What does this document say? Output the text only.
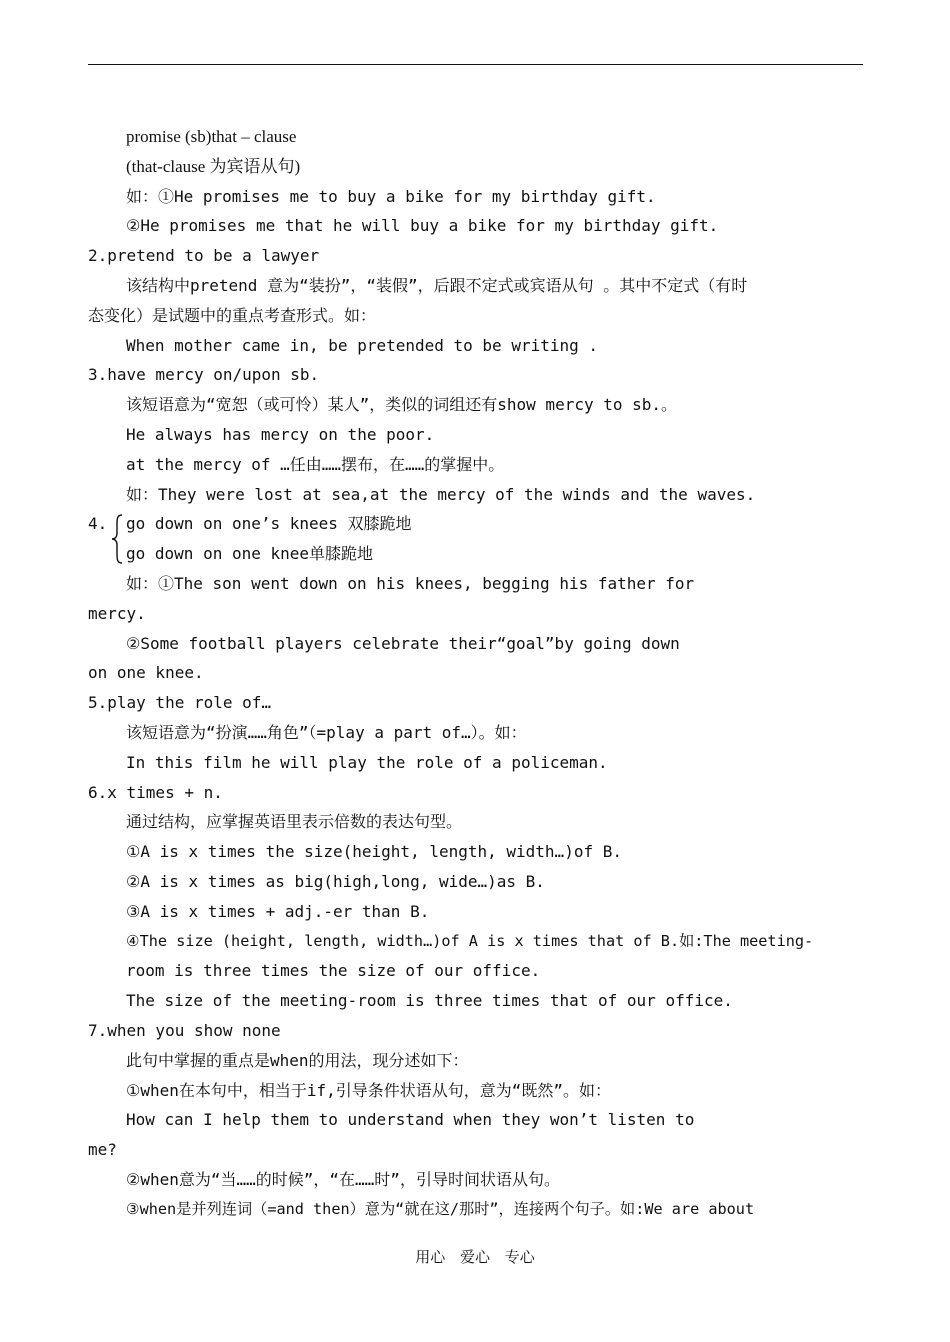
promise (sb)that – clause
(that-clause 为宾语从句)
如：①He promises me to buy a bike for my birthday gift.
②He promises me that he will buy a bike for my birthday gift.
2.pretend to be a lawyer
该结构中pretend 意为“装扮”，“装假”，后跟不定式或宾语从句 。其中不定式（有时
态变化）是试题中的重点考查形式。如：
When mother came in, be pretended to be writing .
3.have mercy on/upon sb.
该短语意为“宽恕（或可怜）某人”，类似的词组还有show mercy to sb.。
He always has mercy on the poor.
at the mercy of …任由……摆布，在……的掌握中。
如：They were lost at sea,at the mercy of the winds and the waves.
4.	go down on one’s knees 双膝跪地
go down on one knee单膝跪地
如：①The son went down on his knees, begging his father for
mercy.
②Some football players celebrate their“goal”by going down
on one knee.
5.play the role of…
该短语意为“扮演……角色”（=play a part of…）。如：
In this film he will play the role of a policeman.
6.x times + n.
通过结构，应掌握英语里表示倍数的表达句型。
①A is x times the size(height, length, width…)of B.
②A is x times as big(high,long, wide…)as B.
③A is x times + adj.-er than B.
④The size (height, length, width…)of A is x times that of B.如:The meeting-
room is three times the size of our office.
The size of the meeting-room is three times that of our office.
7.when you show none
此句中掌握的重点是when的用法，现分述如下：
①when在本句中，相当于if,引导条件状语从句，意为“既然”。如：
How can I help them to understand when they won’t listen to
me?
②when意为“当……的时候”，“在……时”，引导时间状语从句。
③when是并列连词（=and then）意为“就在这/那时”，连接两个句子。如:We are about
用心 爱心 专心
